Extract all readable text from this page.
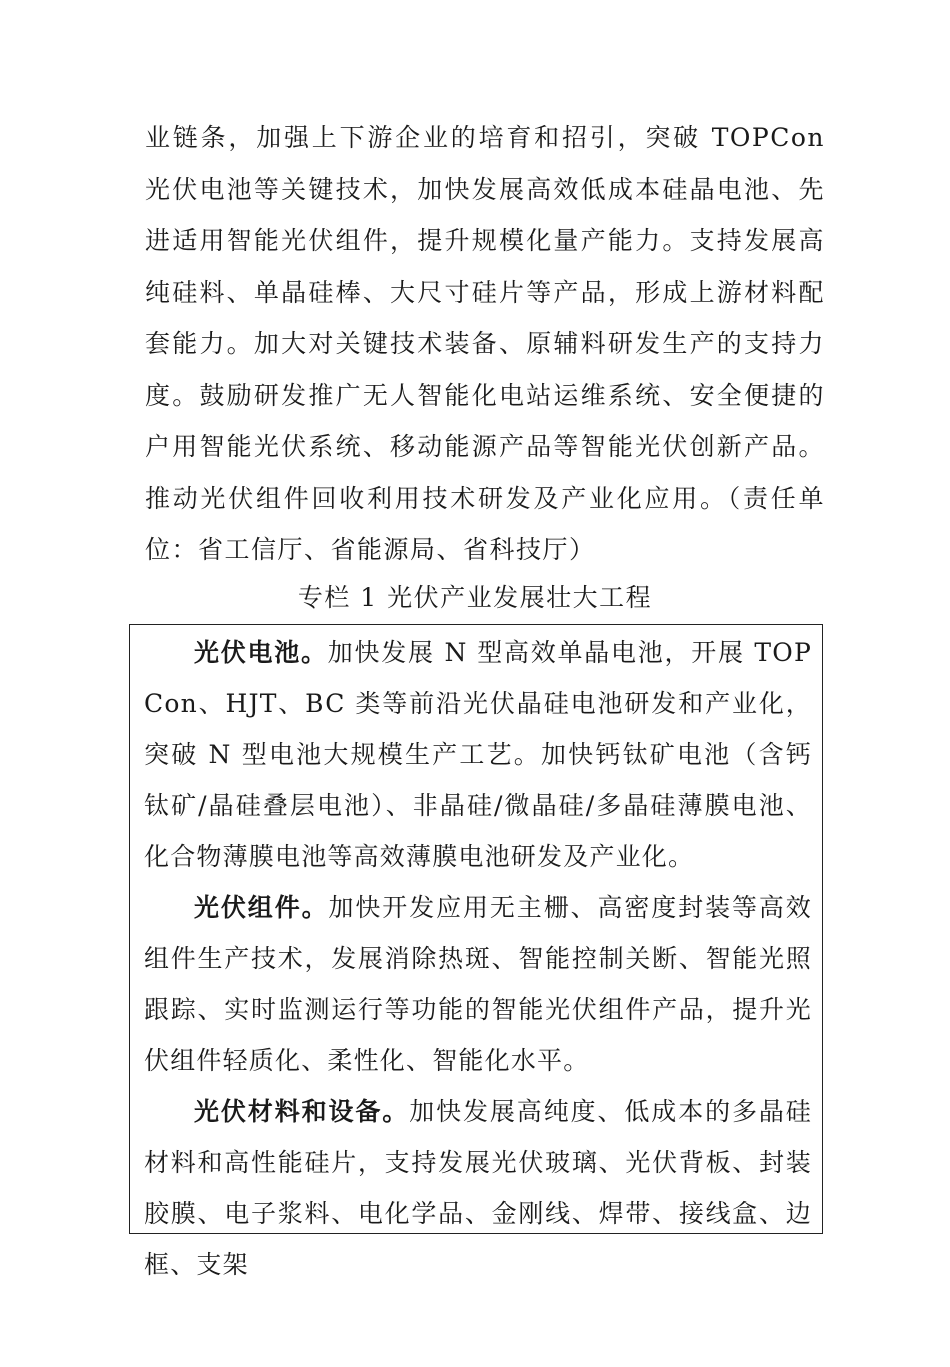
业链条，加强上下游企业的培育和招引，突破 TOPCon 光伏电池等关键技术，加快发展高效低成本硅晶电池、先进适用智能光伏组件，提升规模化量产能力。支持发展高纯硅料、单晶硅棒、大尺寸硅片等产品，形成上游材料配套能力。加大对关键技术装备、原辅料研发生产的支持力度。鼓励研发推广无人智能化电站运维系统、安全便捷的户用智能光伏系统、移动能源产品等智能光伏创新产品。推动光伏组件回收利用技术研发及产业化应用。（责任单位：省工信厅、省能源局、省科技厅）

专栏 1 光伏产业发展壮大工程

光伏电池。加快发展 N 型高效单晶电池，开展 TOPCon、HJT、BC 类等前沿光伏晶硅电池研发和产业化，突破 N 型电池大规模生产工艺。加快钙钛矿电池（含钙钛矿/晶硅叠层电池）、非晶硅/微晶硅/多晶硅薄膜电池、化合物薄膜电池等高效薄膜电池研发及产业化。

光伏组件。加快开发应用无主栅、高密度封装等高效组件生产技术，发展消除热斑、智能控制关断、智能光照跟踪、实时监测运行等功能的智能光伏组件产品，提升光伏组件轻质化、柔性化、智能化水平。

光伏材料和设备。加快发展高纯度、低成本的多晶硅材料和高性能硅片，支持发展光伏玻璃、光伏背板、封装胶膜、电子浆料、电化学品、金刚线、焊带、接线盒、边框、支架
